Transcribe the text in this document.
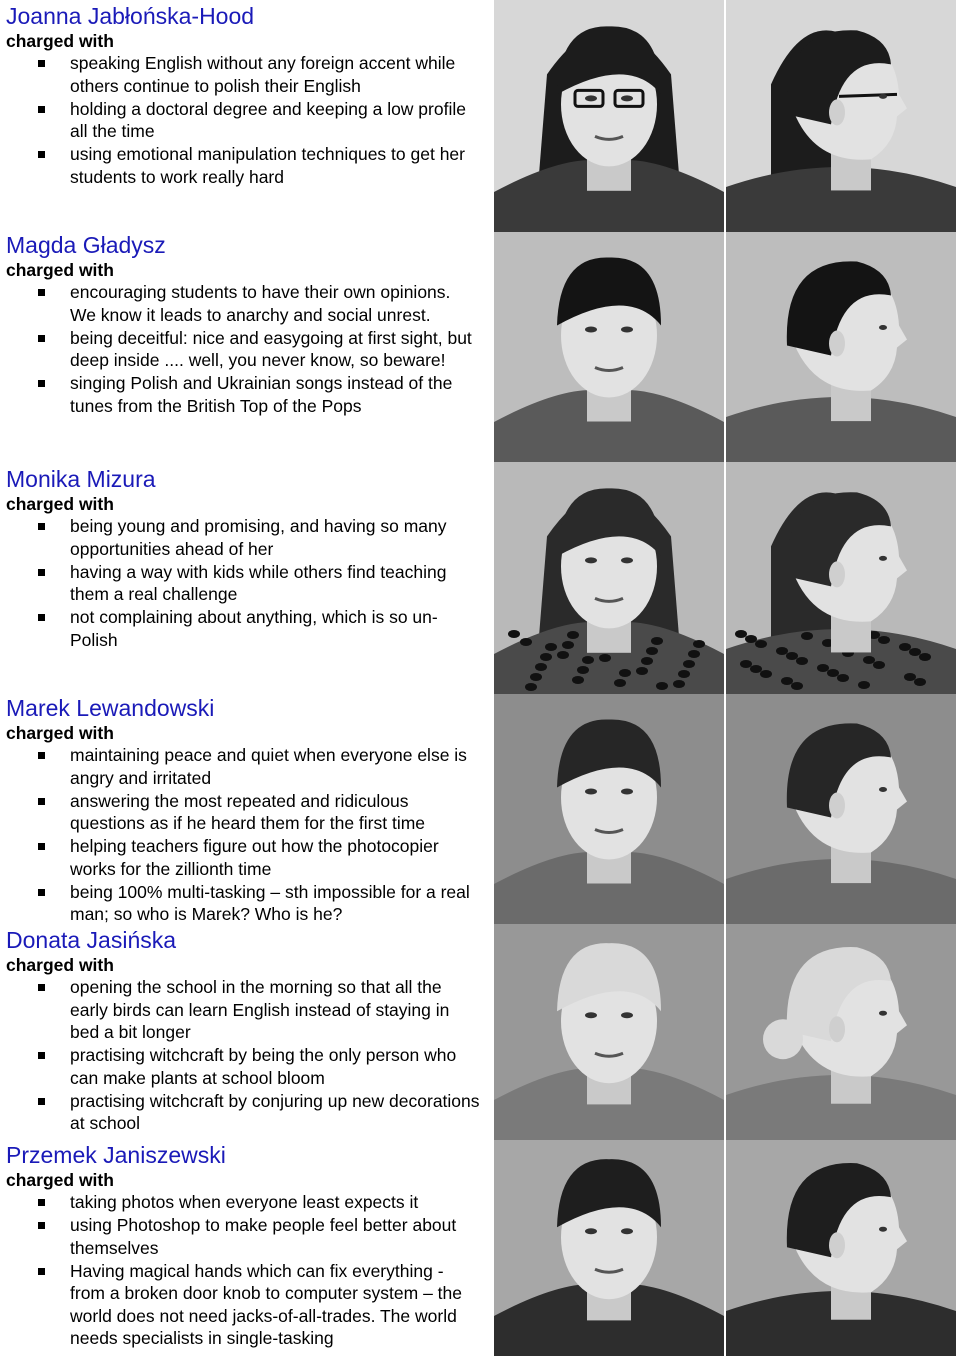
Joanna Jabłońska-Hood
charged with
speaking English without any foreign accent while others continue to polish their English
holding a doctoral degree and keeping a low profile all the time
using emotional manipulation techniques to get her students to work really hard
Magda Gładysz
charged with
encouraging students to have their own opinions. We know it leads to anarchy and social unrest.
being deceitful: nice and easygoing at first sight, but deep inside .... well, you never know, so beware!
singing Polish and Ukrainian songs instead of the tunes from the British Top of the Pops
Monika Mizura
charged with
being young and promising, and having so many opportunities ahead of her
having a way with kids while others find teaching them a real challenge
not complaining about anything, which is so un-Polish
Marek Lewandowski
charged with
maintaining peace and quiet when everyone else is angry and irritated
answering the most repeated and ridiculous questions as if he heard them for the first time
helping teachers figure out how the photocopier works for the zillionth time
being 100% multi-tasking – sth impossible for a real man; so who is Marek? Who is he?
Donata Jasińska
charged with
opening the school in the morning so that all the early birds can learn English instead of staying in bed a bit longer
practising witchcraft by being the only person who can make plants at school bloom
practising witchcraft by conjuring up new decorations at school
Przemek Janiszewski
charged with
taking photos when everyone least expects it
using Photoshop to make people feel better about themselves
Having magical hands which can fix everything - from a broken door knob to computer system – the world does not need jacks-of-all-trades. The world needs specialists in single-tasking
